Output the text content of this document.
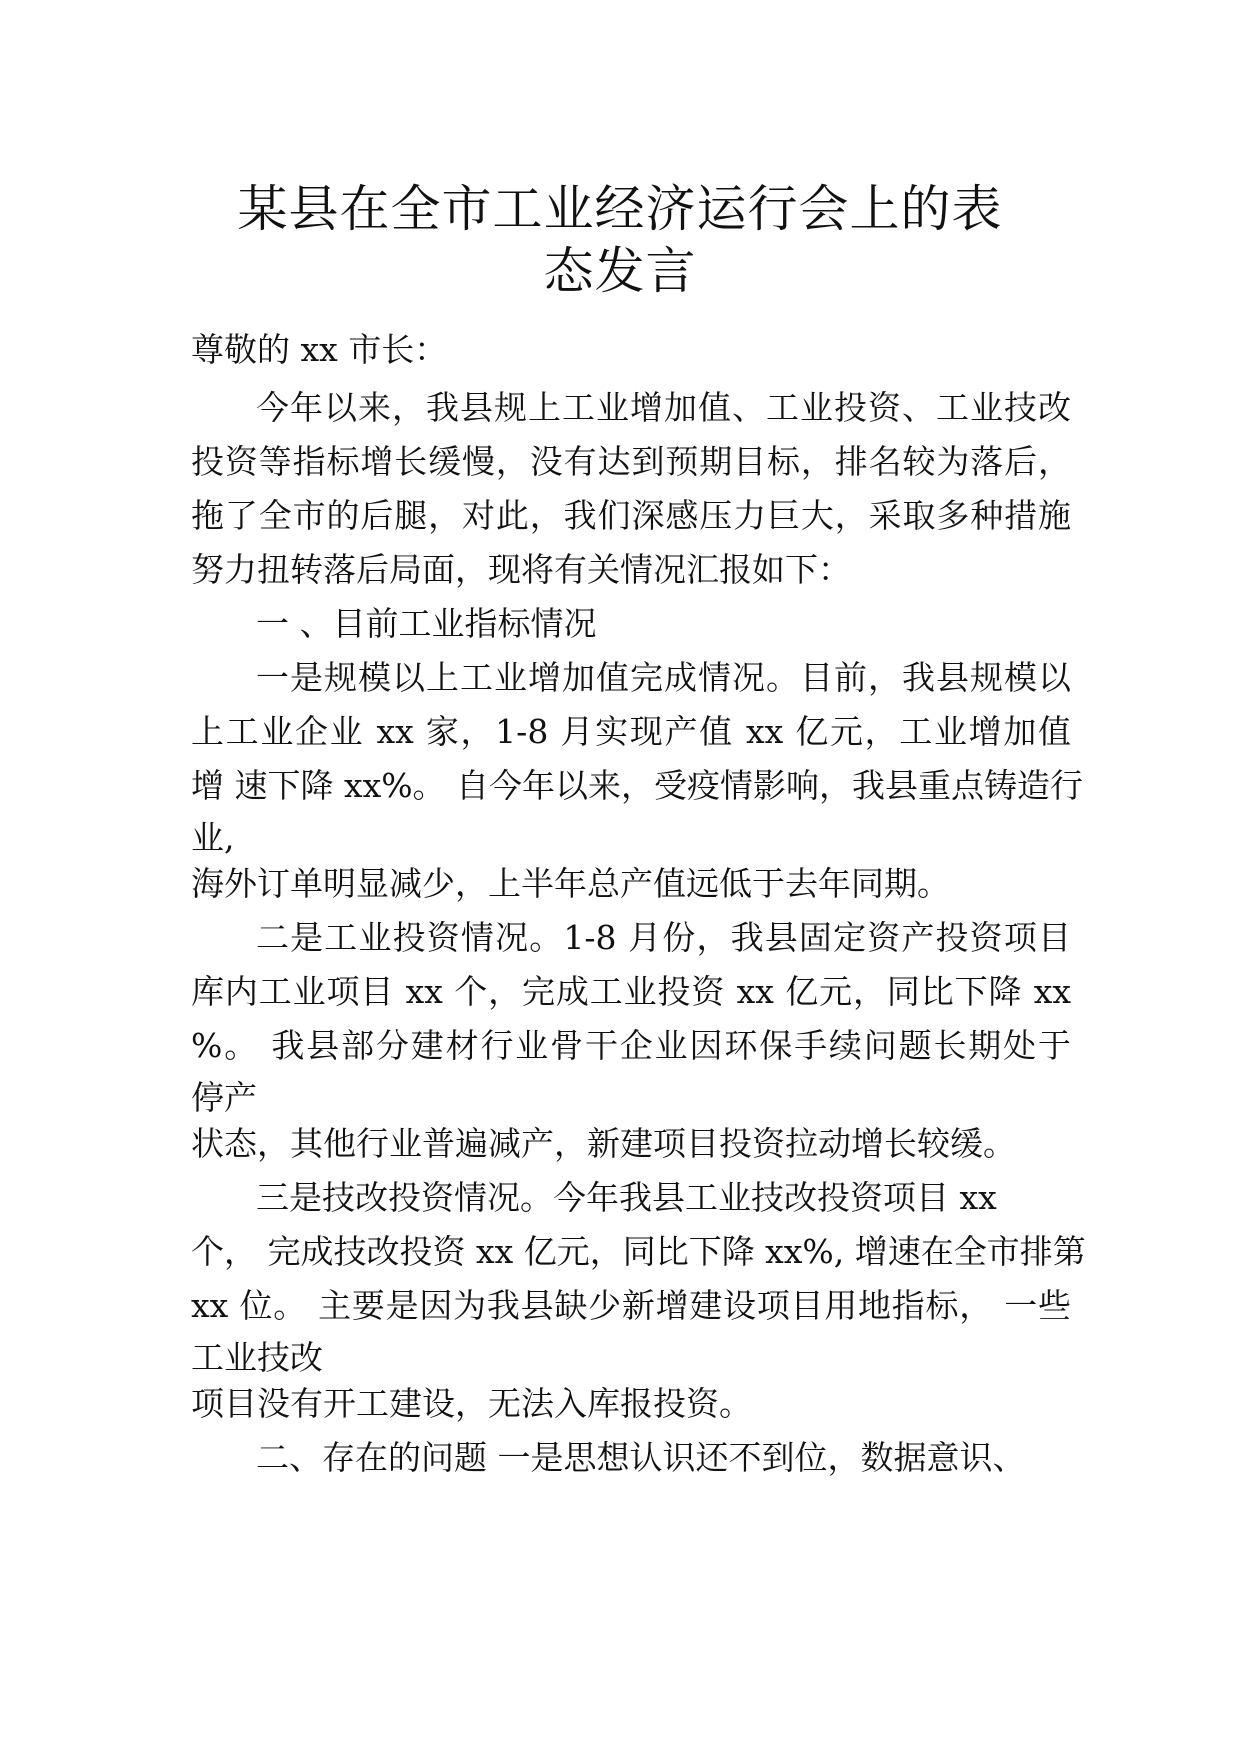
某县在全市工业经济运行会上的表
态发言
尊敬的 xx 市长：
今年以来，我县规上工业增加值、工业投资、工业技改
投资等指标增长缓慢，没有达到预期目标，排名较为落后，
拖了全市的后腿，对此，我们深感压力巨大，采取多种措施
努力扭转落后局面，现将有关情况汇报如下：
一 、目前工业指标情况
一是规模以上工业增加值完成情况。目前，我县规模以
上工业企业 xx 家，1-8 月实现产值 xx 亿元，工业增加值
增 速下降 xx%。 自今年以来，受疫情影响，我县重点铸造行
业,
海外订单明显减少，上半年总产值远低于去年同期。
二是工业投资情况。1-8 月份，我县固定资产投资项目
库内工业项目 xx 个，完成工业投资 xx 亿元，同比下降 xx
%。 我县部分建材行业骨干企业因环保手续问题长期处于
停产
状态，其他行业普遍减产，新建项目投资拉动增长较缓。
三是技改投资情况。今年我县工业技改投资项目 xx
个， 完成技改投资 xx 亿元，同比下降 xx%, 增速在全市排第
xx 位。 主要是因为我县缺少新增建设项目用地指标， 一些
工业技改
项目没有开工建设，无法入库报投资。
二、存在的问题 一是思想认识还不到位，数据意识、
